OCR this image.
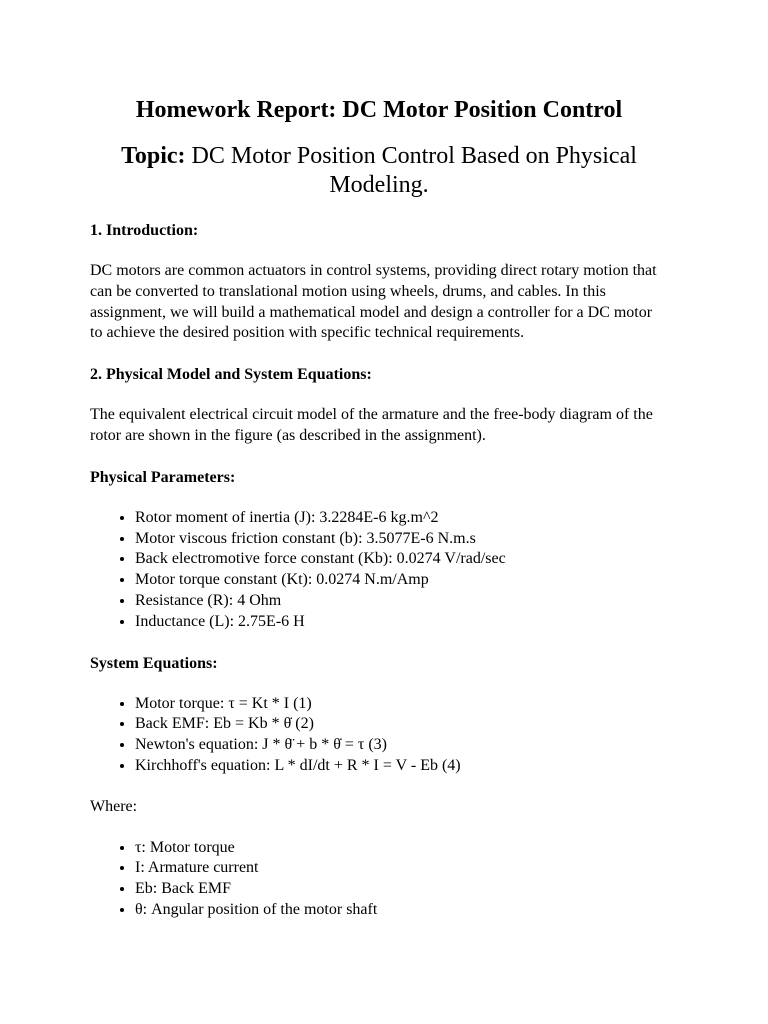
Homework Report: DC Motor Position Control
Topic: DC Motor Position Control Based on Physical Modeling.
1. Introduction:

DC motors are common actuators in control systems, providing direct rotary motion that can be converted to translational motion using wheels, drums, and cables. In this assignment, we will build a mathematical model and design a controller for a DC motor to achieve the desired position with specific technical requirements.

2. Physical Model and System Equations:

The equivalent electrical circuit model of the armature and the free-body diagram of the rotor are shown in the figure (as described in the assignment).

Physical Parameters:
• Rotor moment of inertia (J): 3.2284E-6 kg.m^2
• Motor viscous friction constant (b): 3.5077E-6 N.m.s
• Back electromotive force constant (Kb): 0.0274 V/rad/sec
• Motor torque constant (Kt): 0.0274 N.m/Amp
• Resistance (R): 4 Ohm
• Inductance (L): 2.75E-6 H
System Equations:
• Motor torque: τ = Kt * I (1)
• Back EMF: Eb = Kb * θ̇ (2)
• Newton's equation: J * θ̈ + b * θ̇ = τ (3)
• Kirchhoff's equation: L * dI/dt + R * I = V - Eb (4)

Where:

• τ: Motor torque
• I: Armature current
• Eb: Back EMF
• θ: Angular position of the motor shaft
